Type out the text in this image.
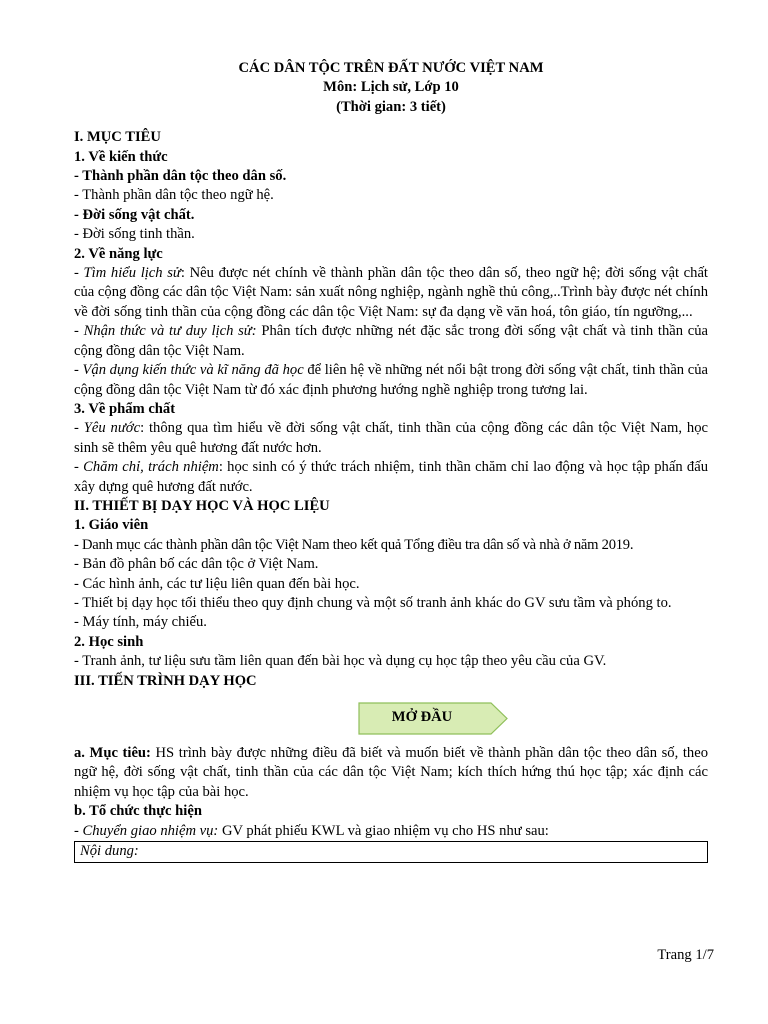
CÁC DÂN TỘC TRÊN ĐẤT NƯỚC VIỆT NAM
Môn: Lịch sử, Lớp 10
(Thời gian: 3 tiết)
I. MỤC TIÊU
1. Về kiến thức
- Thành phần dân tộc theo dân số.
- Thành phần dân tộc theo ngữ hệ.
- Đời sống vật chất.
- Đời sống tinh thần.
2. Về năng lực
- Tìm hiểu lịch sử: Nêu được nét chính về thành phần dân tộc theo dân số, theo ngữ hệ; đời sống vật chất của cộng đồng các dân tộc Việt Nam: sản xuất nông nghiệp, ngành nghề thủ công,..Trình bày được nét chính về đời sống tinh thần của cộng đồng các dân tộc Việt Nam: sự đa dạng về văn hoá, tôn giáo, tín ngưỡng,...
- Nhận thức và tư duy lịch sử: Phân tích được những nét đặc sắc trong đời sống vật chất và tinh thần của cộng đồng dân tộc Việt Nam.
- Vận dụng kiến thức và kĩ năng đã học để liên hệ về những nét nổi bật trong đời sống vật chất, tinh thần của cộng đồng dân tộc Việt Nam từ đó xác định phương hướng nghề nghiệp trong tương lai.
3. Về phẩm chất
- Yêu nước: thông qua tìm hiểu về đời sống vật chất, tinh thần của cộng đồng các dân tộc Việt Nam, học sinh sẽ thêm yêu quê hương đất nước hơn.
- Chăm chỉ, trách nhiệm: học sinh có ý thức trách nhiệm, tinh thần chăm chỉ lao động và học tập phấn đấu xây dựng quê hương đất nước.
II. THIẾT BỊ DẠY HỌC VÀ HỌC LIỆU
1. Giáo viên
- Danh mục các thành phần dân tộc Việt Nam theo kết quả Tổng điều tra dân số và nhà ở năm 2019.
- Bản đồ phân bố các dân tộc ở Việt Nam.
- Các hình ảnh, các tư liệu liên quan đến bài học.
- Thiết bị dạy học tối thiểu theo quy định chung và một số tranh ảnh khác do GV sưu tầm và phóng to.
- Máy tính, máy chiếu.
2. Học sinh
- Tranh ảnh, tư liệu sưu tầm liên quan đến bài học và dụng cụ học tập theo yêu cầu của GV.
III. TIẾN TRÌNH DẠY HỌC
MỞ ĐẦU
a. Mục tiêu: HS trình bày được những điều đã biết và muốn biết về thành phần dân tộc theo dân số, theo ngữ hệ, đời sống vật chất, tinh thần của các dân tộc Việt Nam; kích thích hứng thú học tập; xác định các nhiệm vụ học tập của bài học.
b. Tổ chức thực hiện
- Chuyển giao nhiệm vụ: GV phát phiếu KWL và giao nhiệm vụ cho HS như sau:
Nội dung:
Trang 1/7
